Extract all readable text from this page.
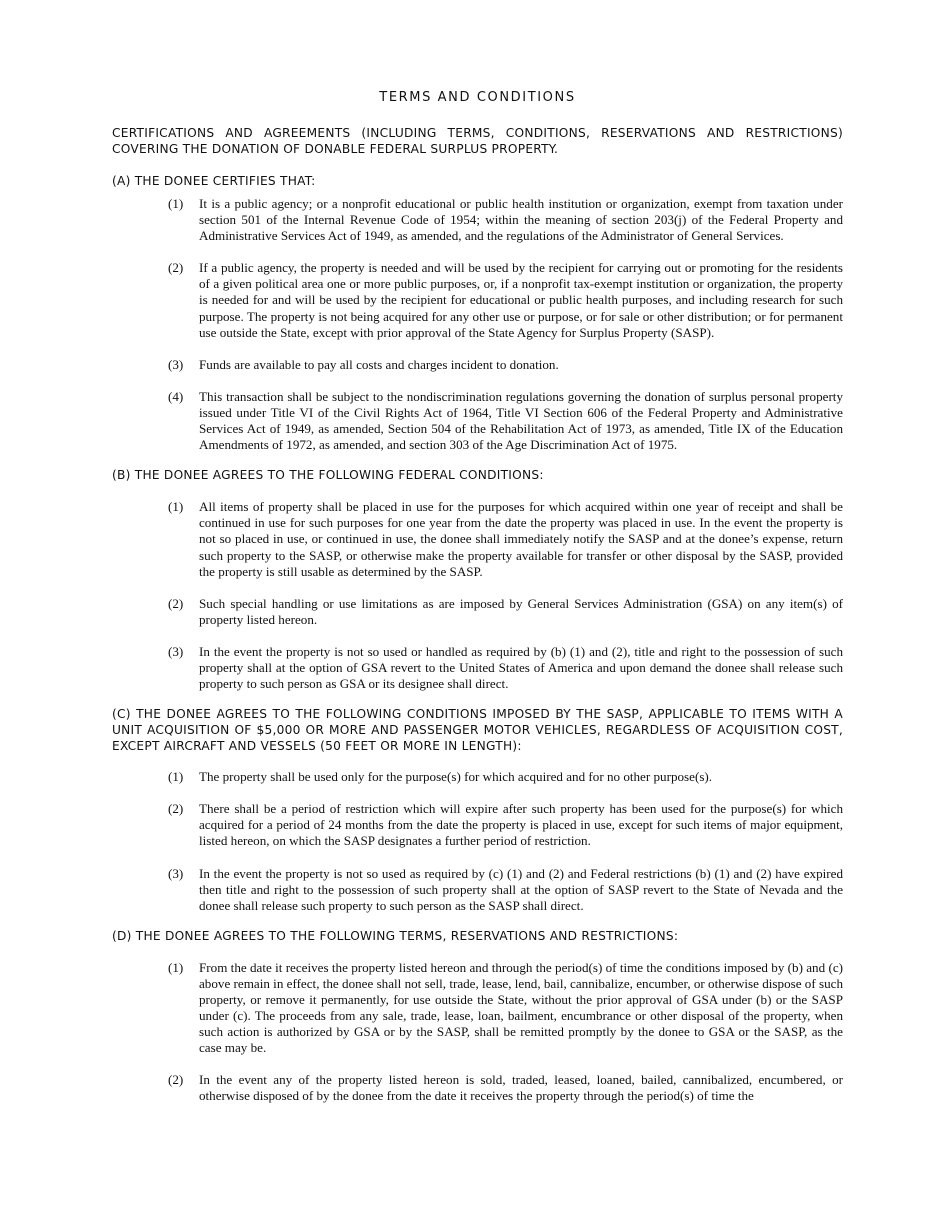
TERMS AND CONDITIONS
CERTIFICATIONS AND AGREEMENTS (INCLUDING TERMS, CONDITIONS, RESERVATIONS AND RESTRICTIONS) COVERING THE DONATION OF DONABLE FEDERAL SURPLUS PROPERTY.
(A) THE DONEE CERTIFIES THAT:
(1) It is a public agency; or a nonprofit educational or public health institution or organization, exempt from taxation under section 501 of the Internal Revenue Code of 1954; within the meaning of section 203(j) of the Federal Property and Administrative Services Act of 1949, as amended, and the regulations of the Administrator of General Services.
(2) If a public agency, the property is needed and will be used by the recipient for carrying out or promoting for the residents of a given political area one or more public purposes, or, if a nonprofit tax-exempt institution or organization, the property is needed for and will be used by the recipient for educational or public health purposes, and including research for such purpose. The property is not being acquired for any other use or purpose, or for sale or other distribution; or for permanent use outside the State, except with prior approval of the State Agency for Surplus Property (SASP).
(3) Funds are available to pay all costs and charges incident to donation.
(4) This transaction shall be subject to the nondiscrimination regulations governing the donation of surplus personal property issued under Title VI of the Civil Rights Act of 1964, Title VI Section 606 of the Federal Property and Administrative Services Act of 1949, as amended, Section 504 of the Rehabilitation Act of 1973, as amended, Title IX of the Education Amendments of 1972, as amended, and section 303 of the Age Discrimination Act of 1975.
(B) THE DONEE AGREES TO THE FOLLOWING FEDERAL CONDITIONS:
(1) All items of property shall be placed in use for the purposes for which acquired within one year of receipt and shall be continued in use for such purposes for one year from the date the property was placed in use. In the event the property is not so placed in use, or continued in use, the donee shall immediately notify the SASP and at the donee’s expense, return such property to the SASP, or otherwise make the property available for transfer or other disposal by the SASP, provided the property is still usable as determined by the SASP.
(2) Such special handling or use limitations as are imposed by General Services Administration (GSA) on any item(s) of property listed hereon.
(3) In the event the property is not so used or handled as required by (b) (1) and (2), title and right to the possession of such property shall at the option of GSA revert to the United States of America and upon demand the donee shall release such property to such person as GSA or its designee shall direct.
(C) THE DONEE AGREES TO THE FOLLOWING CONDITIONS IMPOSED BY THE SASP, APPLICABLE TO ITEMS WITH A UNIT ACQUISITION OF $5,000 OR MORE AND PASSENGER MOTOR VEHICLES, REGARDLESS OF ACQUISITION COST, EXCEPT AIRCRAFT AND VESSELS (50 FEET OR MORE IN LENGTH):
(1) The property shall be used only for the purpose(s) for which acquired and for no other purpose(s).
(2) There shall be a period of restriction which will expire after such property has been used for the purpose(s) for which acquired for a period of 24 months from the date the property is placed in use, except for such items of major equipment, listed hereon, on which the SASP designates a further period of restriction.
(3) In the event the property is not so used as required by (c) (1) and (2) and Federal restrictions (b) (1) and (2) have expired then title and right to the possession of such property shall at the option of SASP revert to the State of Nevada and the donee shall release such property to such person as the SASP shall direct.
(D) THE DONEE AGREES TO THE FOLLOWING TERMS, RESERVATIONS AND RESTRICTIONS:
(1) From the date it receives the property listed hereon and through the period(s) of time the conditions imposed by (b) and (c) above remain in effect, the donee shall not sell, trade, lease, lend, bail, cannibalize, encumber, or otherwise dispose of such property, or remove it permanently, for use outside the State, without the prior approval of GSA under (b) or the SASP under (c). The proceeds from any sale, trade, lease, loan, bailment, encumbrance or other disposal of the property, when such action is authorized by GSA or by the SASP, shall be remitted promptly by the donee to GSA or the SASP, as the case may be.
(2) In the event any of the property listed hereon is sold, traded, leased, loaned, bailed, cannibalized, encumbered, or otherwise disposed of by the donee from the date it receives the property through the period(s) of time the
